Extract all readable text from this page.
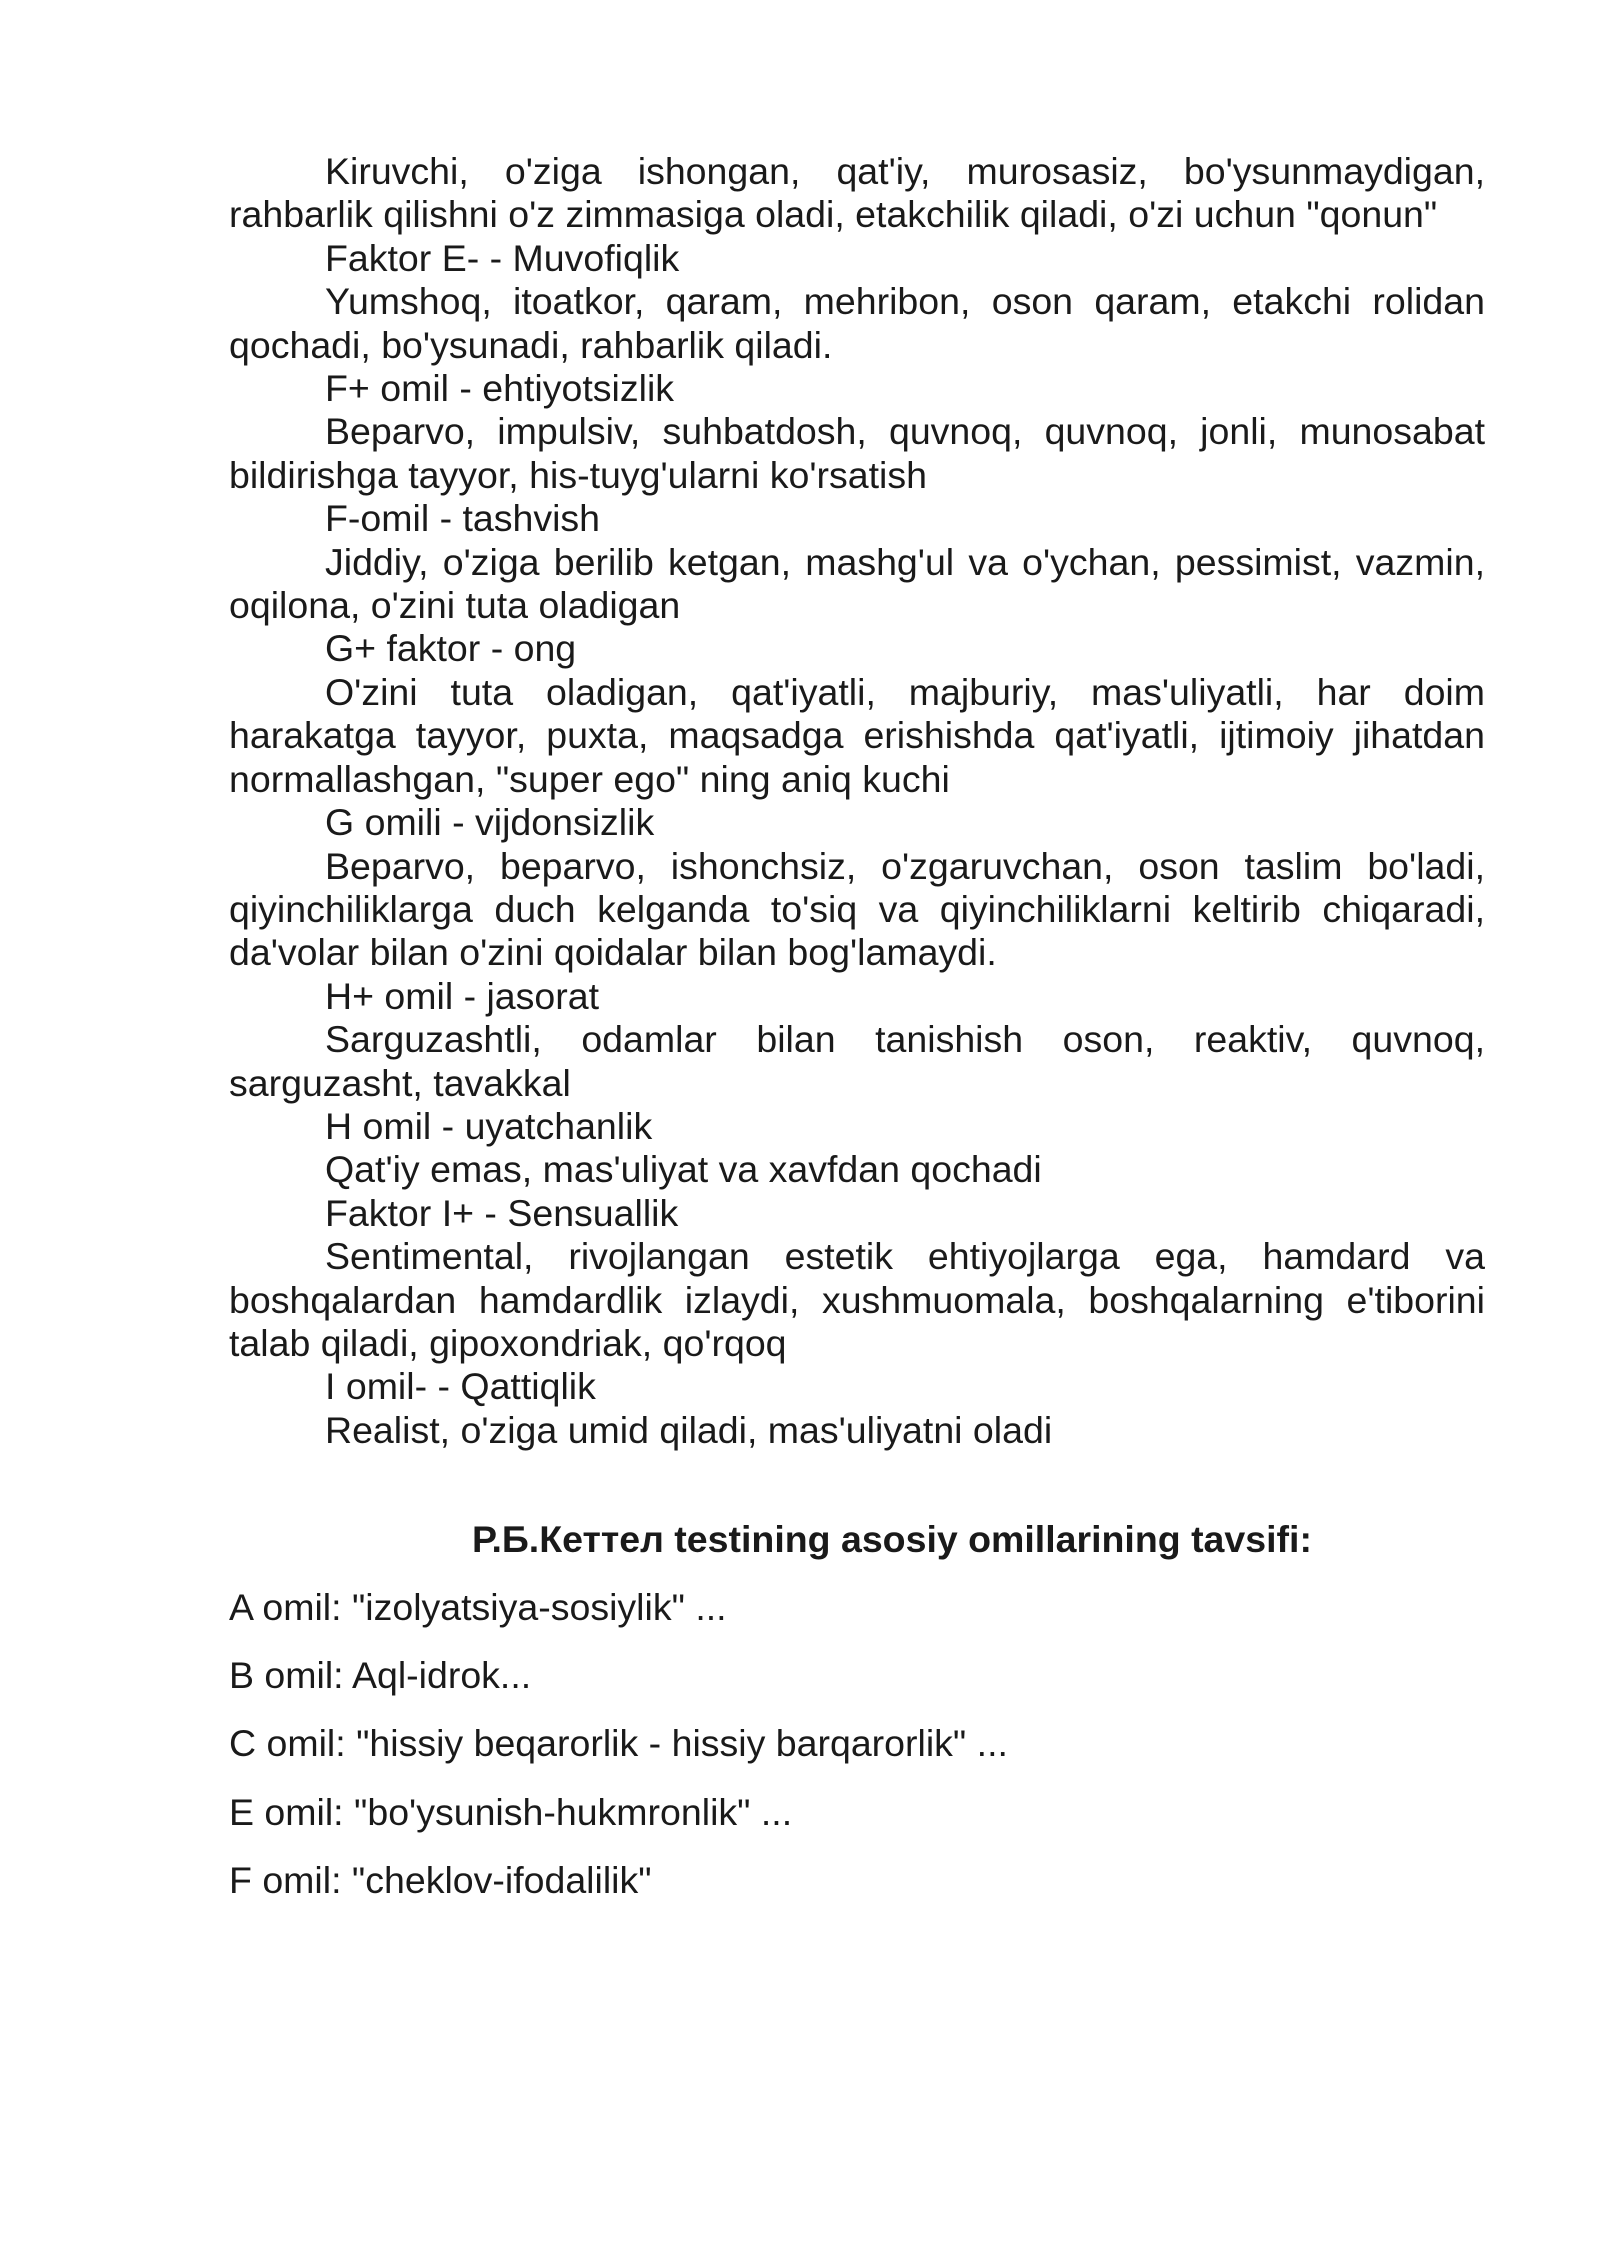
Kiruvchi, o'ziga ishongan, qat'iy, murosasiz, bo'ysunmaydigan, rahbarlik qilishni o'z zimmasiga oladi, etakchilik qiladi, o'zi uchun "qonun"

Faktor E- - Muvofiqlik

Yumshoq, itoatkor, qaram, mehribon, oson qaram, etakchi rolidan qochadi, bo'ysunadi, rahbarlik qiladi.

F+ omil - ehtiyotsizlik

Beparvo, impulsiv, suhbatdosh, quvnoq, quvnoq, jonli, munosabat bildirishga tayyor, his-tuyg'ularni ko'rsatish

F-omil - tashvish

Jiddiy, o'ziga berilib ketgan, mashg'ul va o'ychan, pessimist, vazmin, oqilona, o'zini tuta oladigan

G+ faktor - ong

O'zini tuta oladigan, qat'iyatli, majburiy, mas'uliyatli, har doim harakatga tayyor, puxta, maqsadga erishishda qat'iyatli, ijtimoiy jihatdan normallashgan, "super ego" ning aniq kuchi

G omili - vijdonsizlik

Beparvo, beparvo, ishonchsiz, o'zgaruvchan, oson taslim bo'ladi, qiyinchiliklarga duch kelganda to'siq va qiyinchiliklarni keltirib chiqaradi, da'volar bilan o'zini qoidalar bilan bog'lamaydi.

H+ omil - jasorat

Sarguzashtli, odamlar bilan tanishish oson, reaktiv, quvnoq, sarguzasht, tavakkal

H omil - uyatchanlik

Qat'iy emas, mas'uliyat va xavfdan qochadi

Faktor I+ - Sensuallik

Sentimental, rivojlangan estetik ehtiyojlarga ega, hamdard va boshqalardan hamdardlik izlaydi, xushmuomala, boshqalarning e'tiborini talab qiladi, gipoxondriak, qo'rqoq

I omil- - Qattiqlik

Realist, o'ziga umid qiladi, mas'uliyatni oladi

Р.Б.Кеттел testining asosiy omillarining tavsifi:
A omil: "izolyatsiya-sosiylik" ...
B omil: Aql-idrok...
C omil: "hissiy beqarorlik - hissiy barqarorlik" ...
E omil: "bo'ysunish-hukmronlik" ...
F omil: "cheklov-ifodalilik"
